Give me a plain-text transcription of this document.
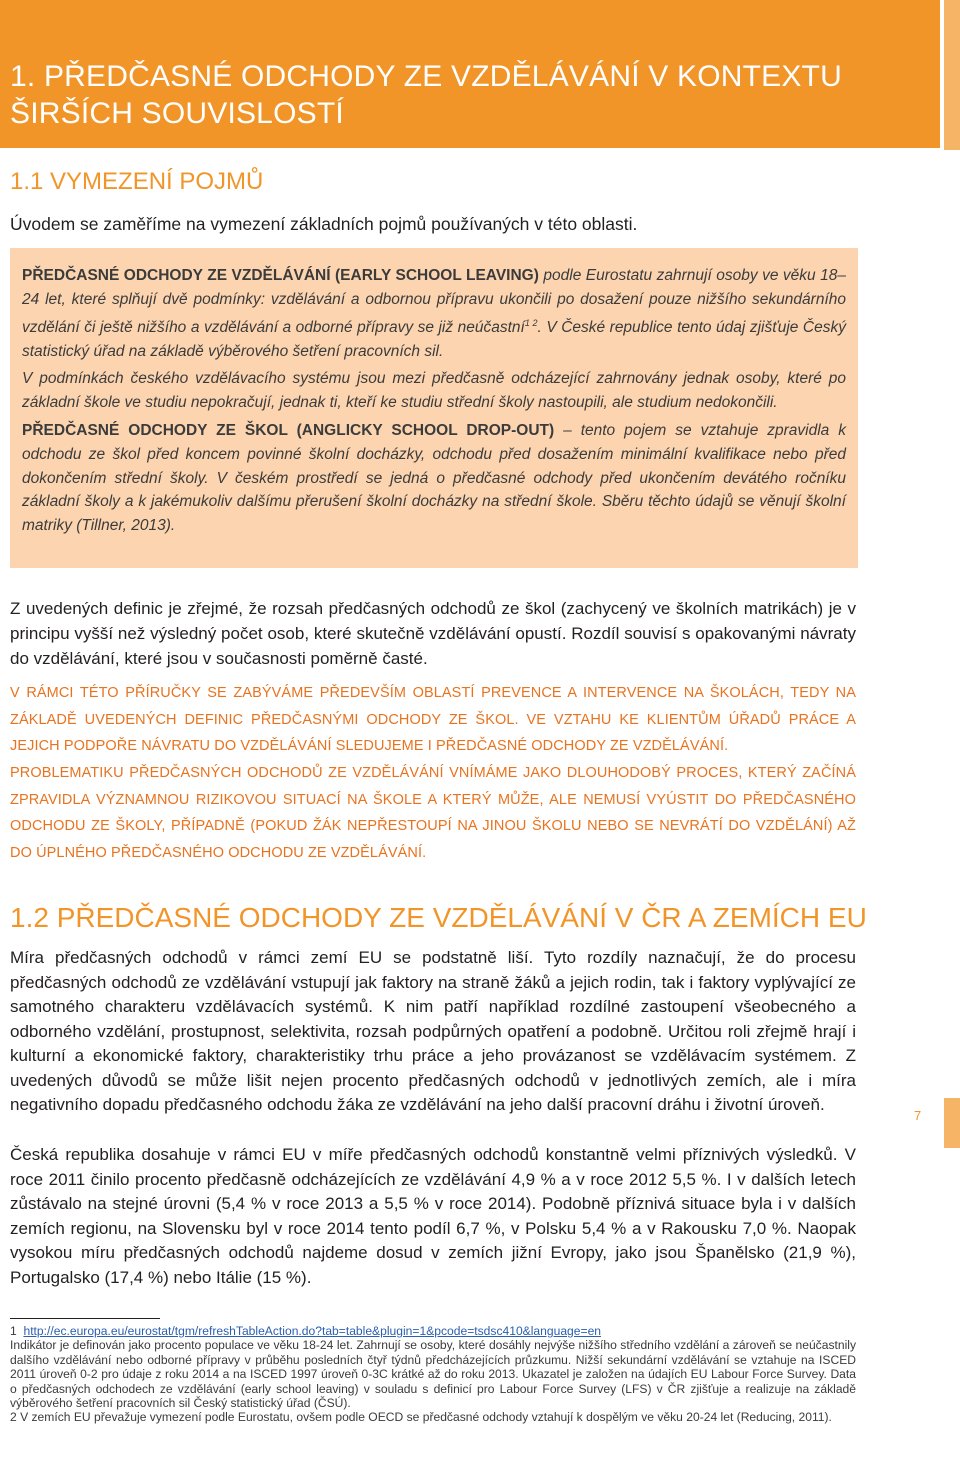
1. PŘEDČASNÉ ODCHODY ZE VZDĚLÁVÁNÍ V KONTEXTU ŠIRŠÍCH SOUVISLOSTÍ
1.1 VYMEZENÍ POJMŮ

Úvodem se zaměříme na vymezení základních pojmů používaných v této oblasti.

PŘEDČASNÉ ODCHODY ZE VZDĚLÁVÁNÍ (EARLY SCHOOL LEAVING) podle Eurostatu zahrnují osoby ve věku 18–24 let, které splňují dvě podmínky: vzdělávání a odbornou přípravu ukončili po dosažení pouze nižšího sekundárního vzdělání či ještě nižšího a vzdělávání a odborné přípravy se již neúčastní$^{1 2}$. V České republice tento údaj zjišťuje Český statistický úřad na základě výběrového šetření pracovních sil.

V podmínkách českého vzdělávacího systému jsou mezi předčasně odcházející zahrnovány jednak osoby, které po základní škole ve studiu nepokračují, jednak ti, kteří ke studiu střední školy nastoupili, ale studium nedokončili.

PŘEDČASNÉ ODCHODY ZE ŠKOL (ANGLICKY SCHOOL DROP-OUT) – tento pojem se vztahuje zpravidla k odchodu ze škol před koncem povinné školní docházky, odchodu před dosažením minimální kvalifikace nebo před dokončením střední školy. V českém prostředí se jedná o předčasné odchody před ukončením devátého ročníku základní školy a k jakémukoliv dalšímu přerušení školní docházky na střední škole. Sběru těchto údajů se věnují školní matriky (Tillner, 2013).

Z uvedených definic je zřejmé, že rozsah předčasných odchodů ze škol (zachycený ve školních matrikách) je v principu vyšší než výsledný počet osob, které skutečně vzdělávání opustí. Rozdíl souvisí s opakovanými návraty do vzdělávání, které jsou v současnosti poměrně časté.

V RÁMCI TÉTO PŘÍRUČKY SE ZABÝVÁME PŘEDEVŠÍM OBLASTÍ PREVENCE A INTERVENCE NA ŠKOLÁCH, TEDY NA ZÁKLADĚ UVEDENÝCH DEFINIC PŘEDČASNÝMI ODCHODY ZE ŠKOL. VE VZTAHU KE KLIENTŮM ÚŘADŮ PRÁCE A JEJICH PODPOŘE NÁVRATU DO VZDĚLÁVÁNÍ SLEDUJEME I PŘEDČASNÉ ODCHODY ZE VZDĚLÁVÁNÍ.

PROBLEMATIKU PŘEDČASNÝCH ODCHODŮ ZE VZDĚLÁVÁNÍ VNÍMÁME JAKO DLOUHODOBÝ PROCES, KTERÝ ZAČÍNÁ ZPRAVIDLA VÝZNAMNOU RIZIKOVOU SITUACÍ NA ŠKOLE A KTERÝ MŮŽE, ALE NEMUSÍ VYÚSTIT DO PŘEDČASNÉHO ODCHODU ZE ŠKOLY, PŘÍPADNĚ (POKUD ŽÁK NEPŘESTOUPÍ NA JINOU ŠKOLU NEBO SE NEVRÁTÍ DO VZDĚLÁNÍ) AŽ DO ÚPLNÉHO PŘEDČASNÉHO ODCHODU ZE VZDĚLÁVÁNÍ.

1.2 PŘEDČASNÉ ODCHODY ZE VZDĚLÁVÁNÍ V ČR A ZEMÍCH EU

Míra předčasných odchodů v rámci zemí EU se podstatně liší. Tyto rozdíly naznačují, že do procesu předčasných odchodů ze vzdělávání vstupují jak faktory na straně žáků a jejich rodin, tak i faktory vyplývající ze samotného charakteru vzdělávacích systémů. K nim patří například rozdílné zastoupení všeobecného a odborného vzdělání, prostupnost, selektivita, rozsah podpůrných opatření a podobně. Určitou roli zřejmě hrají i kulturní a ekonomické faktory, charakteristiky trhu práce a jeho provázanost se vzdělávacím systémem. Z uvedených důvodů se může lišit nejen procento předčasných odchodů v jednotlivých zemích, ale i míra negativního dopadu předčasného odchodu žáka ze vzdělávání na jeho další pracovní dráhu i životní úroveň.

Česká republika dosahuje v rámci EU v míře předčasných odchodů konstantně velmi příznivých výsledků. V roce 2011 činilo procento předčasně odcházejících ze vzdělávání 4,9 % a v roce 2012 5,5 %. I v dalších letech zůstávalo na stejné úrovni (5,4 % v roce 2013 a 5,5 % v roce 2014). Podobně příznivá situace byla i v dalších zemích regionu, na Slovensku byl v roce 2014 tento podíl 6,7 %, v Polsku 5,4 % a v Rakousku 7,0 %. Naopak vysokou míru předčasných odchodů najdeme dosud v zemích jižní Evropy, jako jsou Španělsko (21,9 %), Portugalsko (17,4 %) nebo Itálie (15 %).

7

1 http://ec.europa.eu/eurostat/tgm/refreshTableAction.do?tab=table&plugin=1&pcode=tsdsc410&language=en

Indikátor je definován jako procento populace ve věku 18-24 let. Zahrnují se osoby, které dosáhly nejvýše nižšího středního vzdělání a zároveň se neúčastnily dalšího vzdělávání nebo odborné přípravy v průběhu posledních čtyř týdnů předcházejících průzkumu. Nižší sekundární vzdělávání se vztahuje na ISCED 2011 úroveň 0-2 pro údaje z roku 2014 a na ISCED 1997 úroveň 0-3C krátké až do roku 2013. Ukazatel je založen na údajích EU Labour Force Survey. Data o předčasných odchodech ze vzdělávání (early school leaving) v souladu s definicí pro Labour Force Survey (LFS) v ČR zjišťuje a realizuje na základě výběrového šetření pracovních sil Český statistický úřad (ČSÚ).

2 V zemích EU převažuje vymezení podle Eurostatu, ovšem podle OECD se předčasné odchody vztahují k dospělým ve věku 20-24 let (Reducing, 2011).
